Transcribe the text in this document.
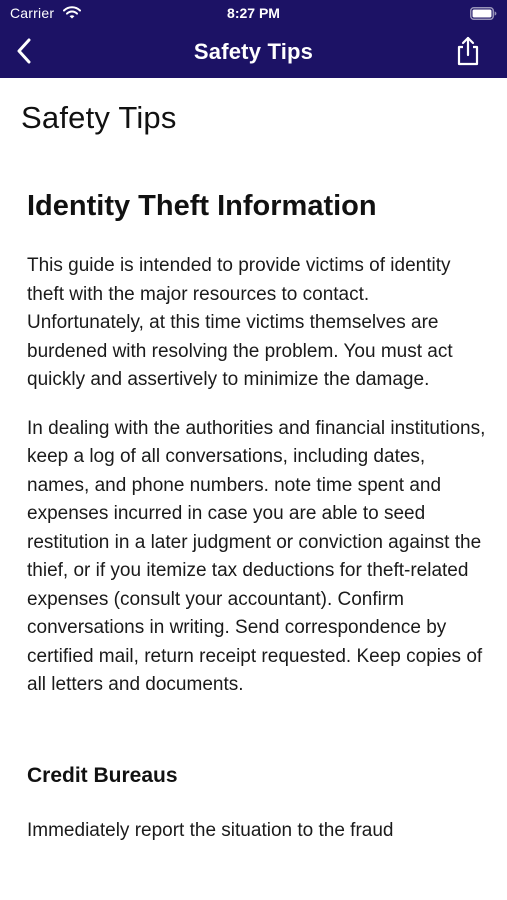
Carrier	8:27 PM
Safety Tips
Safety Tips
Identity Theft Information

This guide is intended to provide victims of identity theft with the major resources to contact. Unfortunately, at this time victims themselves are burdened with resolving the problem. You must act quickly and assertively to minimize the damage.

In dealing with the authorities and financial institutions, keep a log of all conversations, including dates, names, and phone numbers. note time spent and expenses incurred in case you are able to seed restitution in a later judgment or conviction against the thief, or if you itemize tax deductions for theft-related expenses (consult your accountant). Confirm conversations in writing. Send correspondence by certified mail, return receipt requested. Keep copies of all letters and documents.

Credit Bureaus

Immediately report the situation to the fraud
